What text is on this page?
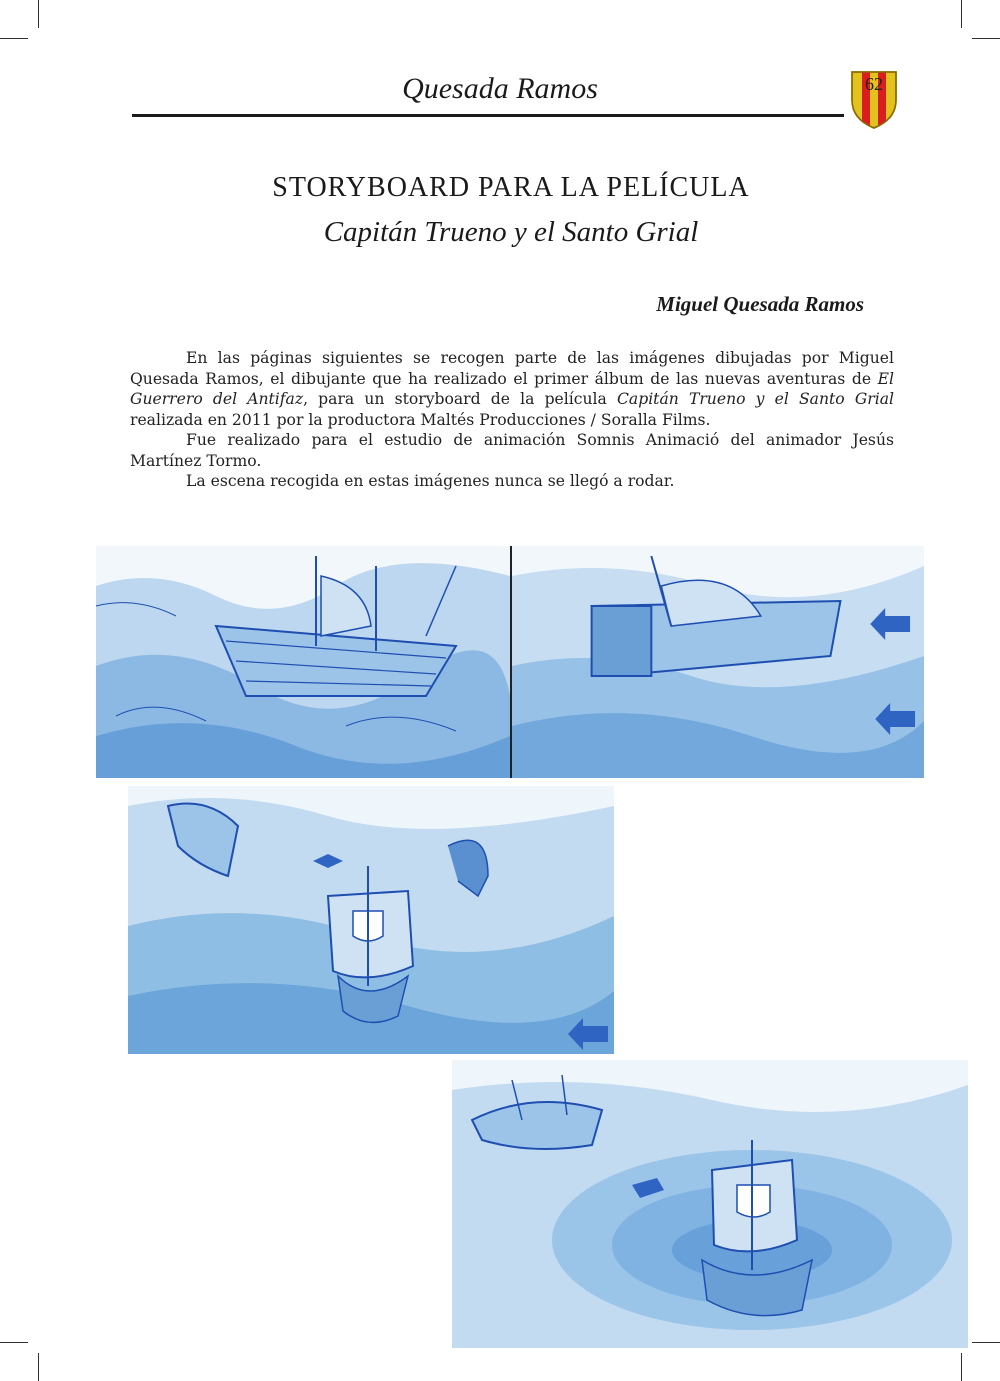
Quesada Ramos	62
STORYBOARD PARA LA PELÍCULA
Capitán Trueno y el Santo Grial
Miguel Quesada Ramos

En las páginas siguientes se recogen parte de las imágenes dibujadas por Miguel Quesada Ramos, el dibujante que ha realizado el primer álbum de las nuevas aventuras de El Guerrero del Antifaz, para un storyboard de la película Capitán Trueno y el Santo Grial realizada en 2011 por la productora Maltés Producciones / Soralla Films.

Fue realizado para el estudio de animación Somnis Animació del animador Jesús Martínez Tormo.

La escena recogida en estas imágenes nunca se llegó a rodar.
